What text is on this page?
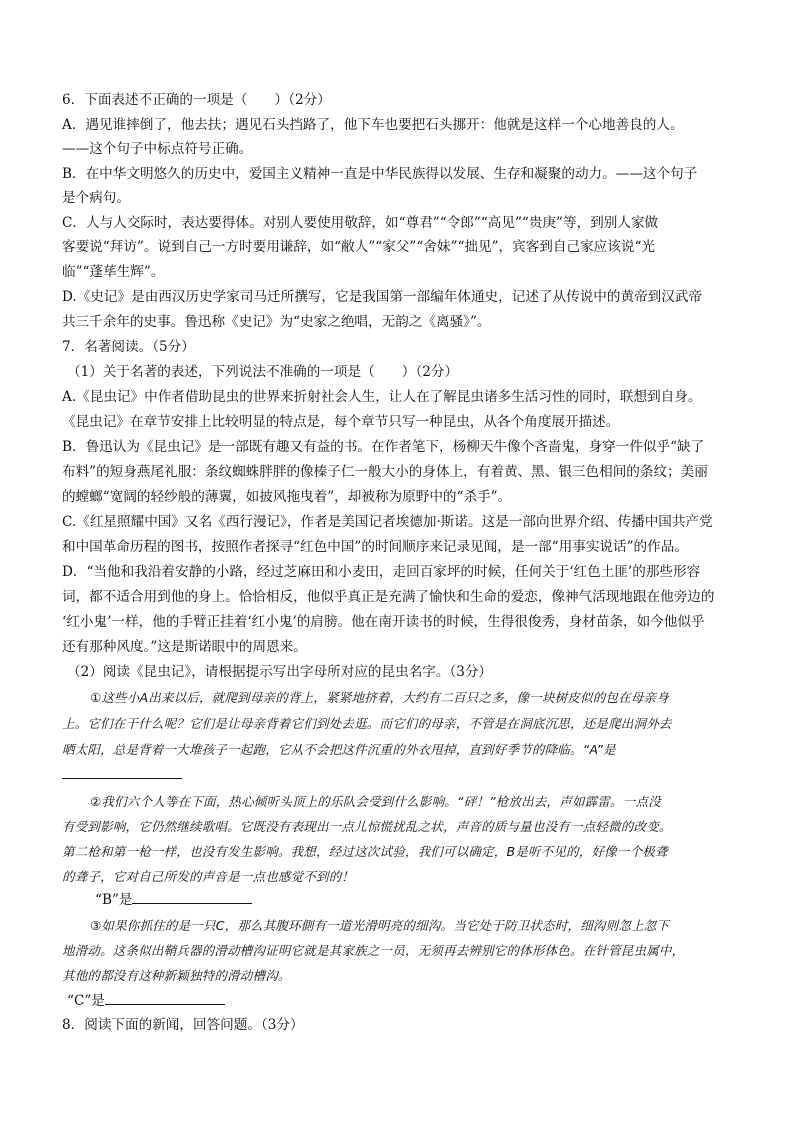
6．下面表述不正确的一项是（　　）（2分）
A．遇见谁摔倒了，他去扶；遇见石头挡路了，他下车也要把石头挪开：他就是这样一个心地善良的人。
——这个句子中标点符号正确。
B．在中华文明悠久的历史中，爱国主义精神一直是中华民族得以发展、生存和凝聚的动力。——这个句子
是个病句。
C．人与人交际时，表达要得体。对别人要使用敬辞，如“尊君”“令郎”“高见”“贵庚”等，到别人家做
客要说“拜访”。说到自己一方时要用谦辞，如“敝人”“家父”“舍妹”“拙见”，宾客到自己家应该说“光
临”“蓬荜生辉”。
D.《史记》是由西汉历史学家司马迁所撰写，它是我国第一部编年体通史，记述了从传说中的黄帝到汉武帝
共三千余年的史事。鲁迅称《史记》为“史家之绝唱，无韵之《离骚》”。
7．名著阅读。（5分）
（1）关于名著的表述，下列说法不准确的一项是（　　）（2分）
A.《昆虫记》中作者借助昆虫的世界来折射社会人生，让人在了解昆虫诸多生活习性的同时，联想到自身。
《昆虫记》在章节安排上比较明显的特点是，每个章节只写一种昆虫，从各个角度展开描述。
B．鲁迅认为《昆虫记》是一部既有趣又有益的书。在作者笔下，杨柳天牛像个吝啬鬼，身穿一件似乎“缺了
布料”的短身燕尾礼服：条纹蜘蛛胖胖的像榛子仁一般大小的身体上，有着黄、黑、银三色相间的条纹；美丽
的螳螂“宽阔的轻纱般的薄翼，如披风拖曳着”，却被称为原野中的“杀手”。
C.《红星照耀中国》又名《西行漫记》，作者是美国记者埃德加·斯诺。这是一部向世界介绍、传播中国共产党
和中国革命历程的图书，按照作者探寻“红色中国”的时间顺序来记录见闻，是一部“用事实说话”的作品。
D．“当他和我沿着安静的小路，经过芝麻田和小麦田，走回百家坪的时候，任何关于‘红色土匪’的那些形容
词，都不适合用到他的身上。恰恰相反，他似乎真正是充满了愉快和生命的爱恋，像神气活现地跟在他旁边的
‘红小鬼’一样，他的手臂正挂着‘红小鬼’的肩膀。他在南开读书的时候，生得很俊秀，身材苗条，如今他似乎
还有那种风度。”这是斯诺眼中的周恩来。
（2）阅读《昆虫记》，请根据提示写出字母所对应的昆虫名字。（3分）
①这些小A出来以后，就爬到母亲的背上，紧紧地挤着，大约有二百只之多，像一块树皮似的包在母亲身
上。它们在干什么呢？它们是让母亲背着它们到处去逛。而它们的母亲，不管是在洞底沉思，还是爬出洞外去
晒太阳，总是背着一大堆孩子一起跑，它从不会把这件沉重的外衣甩掉，直到好季节的降临。“A”是
②我们六个人等在下面，热心倾听头顶上的乐队会受到什么影响。“砰！”枪放出去，声如霹雷。一点没
有受到影响，它仍然继续歌唱。它既没有表现出一点儿惊慌扰乱之状，声音的质与量也没有一点轻微的改变。
第二枪和第一枪一样，也没有发生影响。我想，经过这次试验，我们可以确定，B是听不见的，好像一个极聋
的聋子，它对自己所发的声音是一点也感觉不到的！
“B”是
③如果你抓住的是一只C，那么其腹环側有一道光滑明亮的细沟。当它处于防卫状态时，细沟则忽上忽下
地滑动。这条似出鞘兵器的滑动槽沟证明它就是其家族之一员，无须再去辨别它的体形体色。在针管昆虫属中，
其他的都没有这种新颖独特的滑动槽沟。
“C”是
8．阅读下面的新闻，回答问题。（3分）
